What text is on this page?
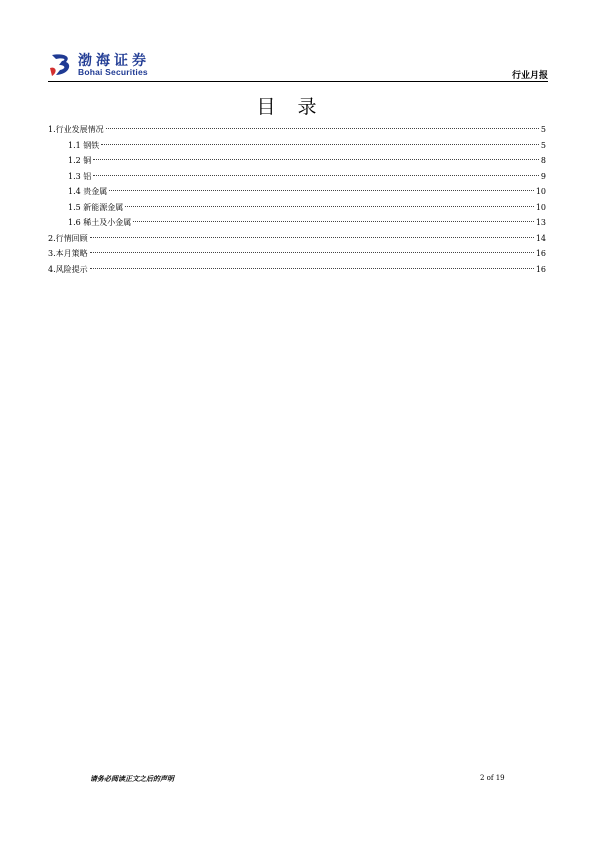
渤海证券
Bohai Securities	行业月报
目录
1.行业发展情况	5
1.1 钢铁	5
1.2 铜	8
1.3 铝	9
1.4 贵金属	10
1.5 新能源金属	10
1.6 稀土及小金属	13
2.行情回顾	14
3.本月策略	16
4.风险提示	16
请务必阅读正文之后的声明	2 of 19
